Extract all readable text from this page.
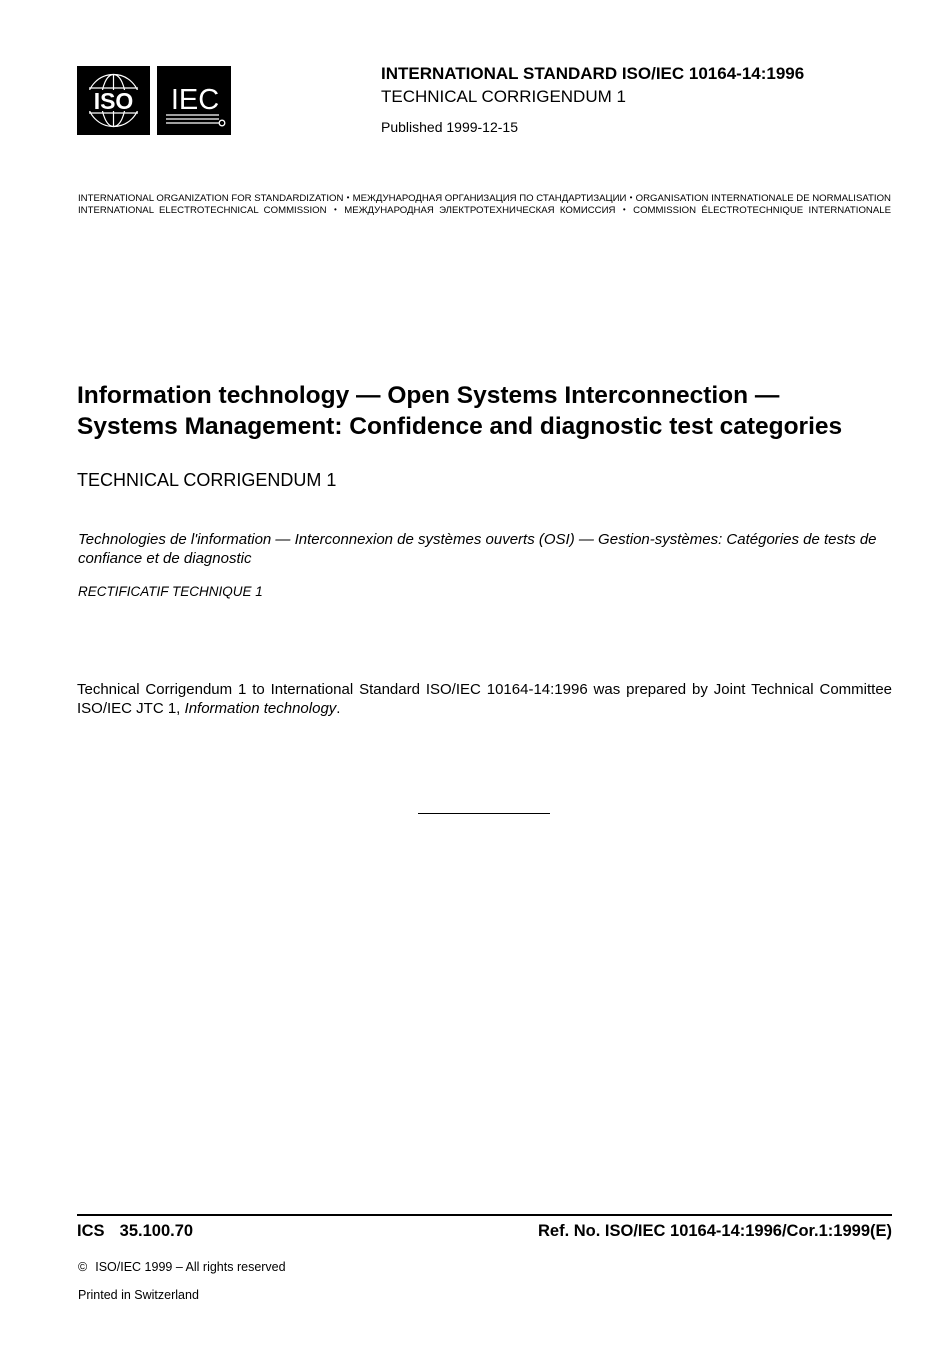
ISO IEC
INTERNATIONAL STANDARD ISO/IEC 10164-14:1996
TECHNICAL CORRIGENDUM 1
Published 1999-12-15
INTERNATIONAL ORGANIZATION FOR STANDARDIZATION • МЕЖДУНАРОДНАЯ ОРГАНИЗАЦИЯ ПО СТАНДАРТИЗАЦИИ • ORGANISATION INTERNATIONALE DE NORMALISATION
INTERNATIONAL  ELECTROTECHNICAL  COMMISSION • МЕЖДУНАРОДНАЯ  ЭЛЕКТРОТЕХНИЧЕСКАЯ  КОМИССИЯ • COMMISSION  ÉLECTROTECHNIQUE  INTERNATIONALE
Information technology — Open Systems Interconnection —
Systems Management: Confidence and diagnostic test categories
TECHNICAL CORRIGENDUM 1
Technologies de l'information — Interconnexion de systèmes ouverts (OSI) — Gestion-systèmes: Catégories de tests de confiance et de diagnostic
RECTIFICATIF TECHNIQUE 1
Technical Corrigendum 1 to International Standard ISO/IEC 10164-14:1996 was prepared by Joint Technical Committee ISO/IEC JTC 1, Information technology.
ICS  35.100.70	Ref. No. ISO/IEC 10164-14:1996/Cor.1:1999(E)
© ISO/IEC 1999 – All rights reserved
Printed in Switzerland
